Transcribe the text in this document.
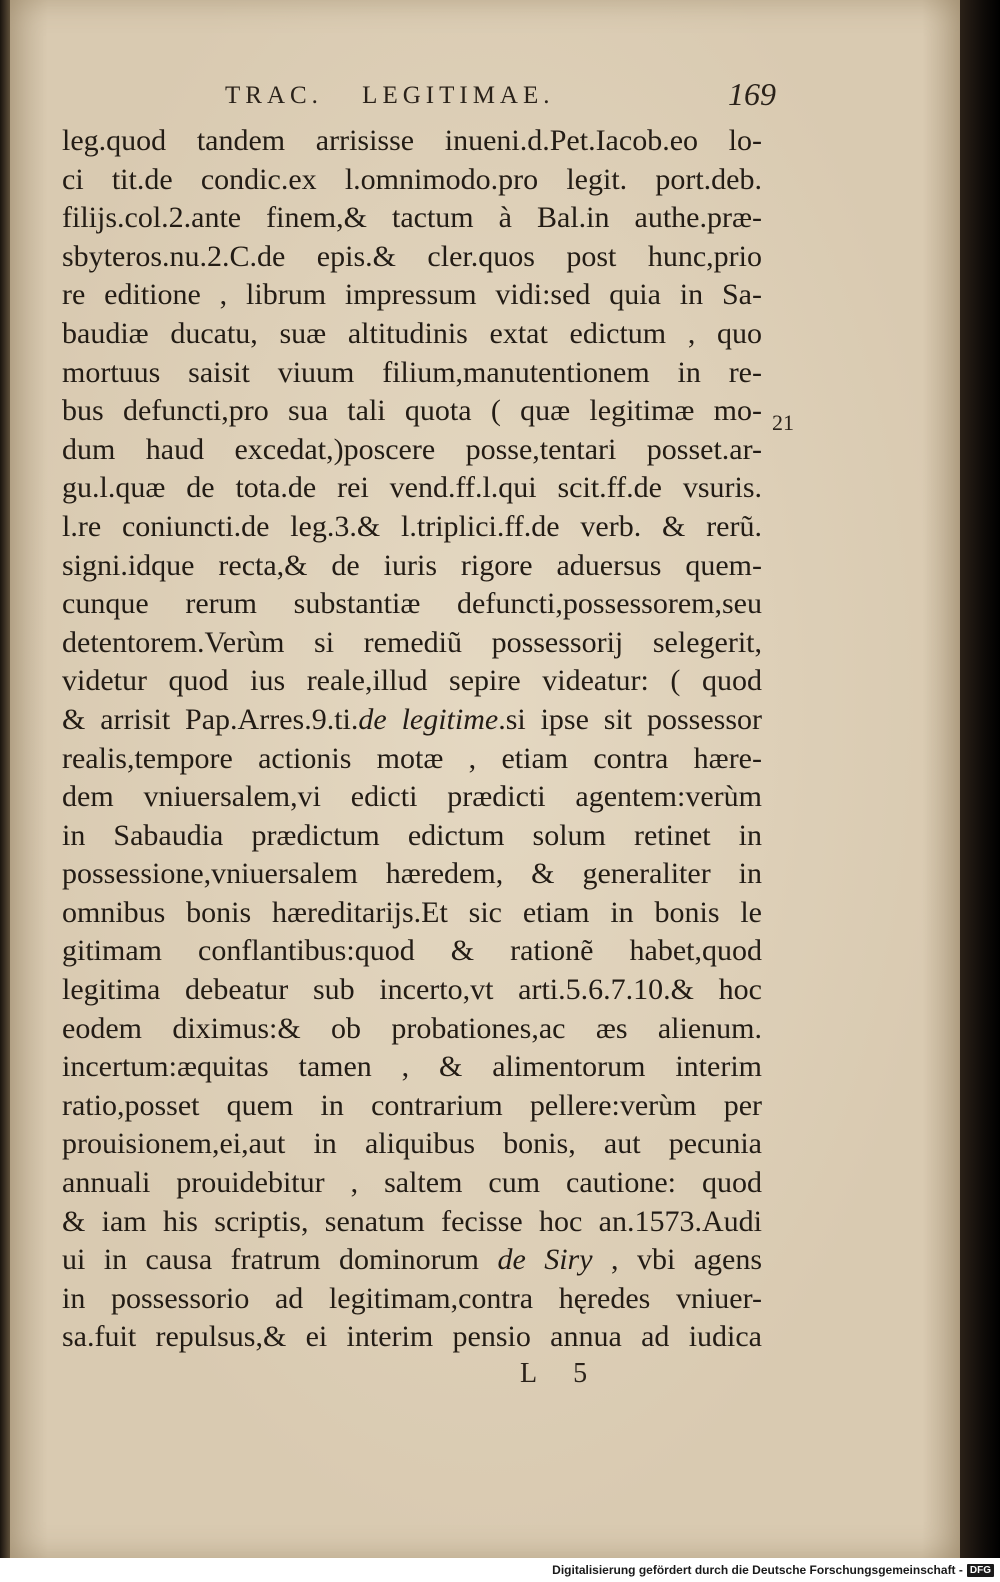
TRAC. LEGITIMAE.	169
leg.quod tandem arrisisse inueni.d.Pet.Iacob.eo lo-
ci tit.de condic.ex l.omnimodo.pro legit. port.deb.
filijs.col.2.ante finem,& tactum à Bal.in authe.præ-
sbyteros.nu.2.C.de epis.& cler.quos post hunc,prio
re editione , librum impressum vidi:sed quia in Sa-
baudiæ ducatu, suæ altitudinis extat edictum , quo
mortuus saisit viuum filium,manutentionem in re-
bus defuncti,pro sua tali quota ( quæ legitimæ mo-
dum haud excedat,)poscere posse,tentari posset.ar-
gu.l.quæ de tota.de rei vend.ff.l.qui scit.ff.de vsuris.
l.re coniuncti.de leg.3.& l.triplici.ff.de verb. & rerũ.
signi.idque recta,& de iuris rigore aduersus quem-
cunque rerum substantiæ defuncti,possessorem,seu
detentorem.Verùm si remediũ possessorij selegerit,
videtur quod ius reale,illud sepire videatur: ( quod
& arrisit Pap.Arres.9.ti.de legitime.si ipse sit possessor
realis,tempore actionis motæ , etiam contra hære-
dem vniuersalem,vi edicti prædicti agentem:verùm
in Sabaudia prædictum edictum solum retinet in
possessione,vniuersalem hæredem, & generaliter in
omnibus bonis hæreditarijs.Et sic etiam in bonis le
gitimam conflantibus:quod & rationẽ habet,quod
legitima debeatur sub incerto,vt arti.5.6.7.10.& hoc
eodem diximus:& ob probationes,ac æs alienum.
incertum:æquitas tamen , & alimentorum interim
ratio,posset quem in contrarium pellere:verùm per
prouisionem,ei,aut in aliquibus bonis, aut pecunia
annuali prouidebitur , saltem cum cautione: quod
& iam his scriptis, senatum fecisse hoc an.1573.Audi
ui in causa fratrum dominorum de Siry , vbi agens
in possessorio ad legitimam,contra hęredes vniuer-
sa.fuit repulsus,& ei interim pensio annua ad iudica
21
L 5
Digitalisierung gefördert durch die Deutsche Forschungsgemeinschaft - DFG
